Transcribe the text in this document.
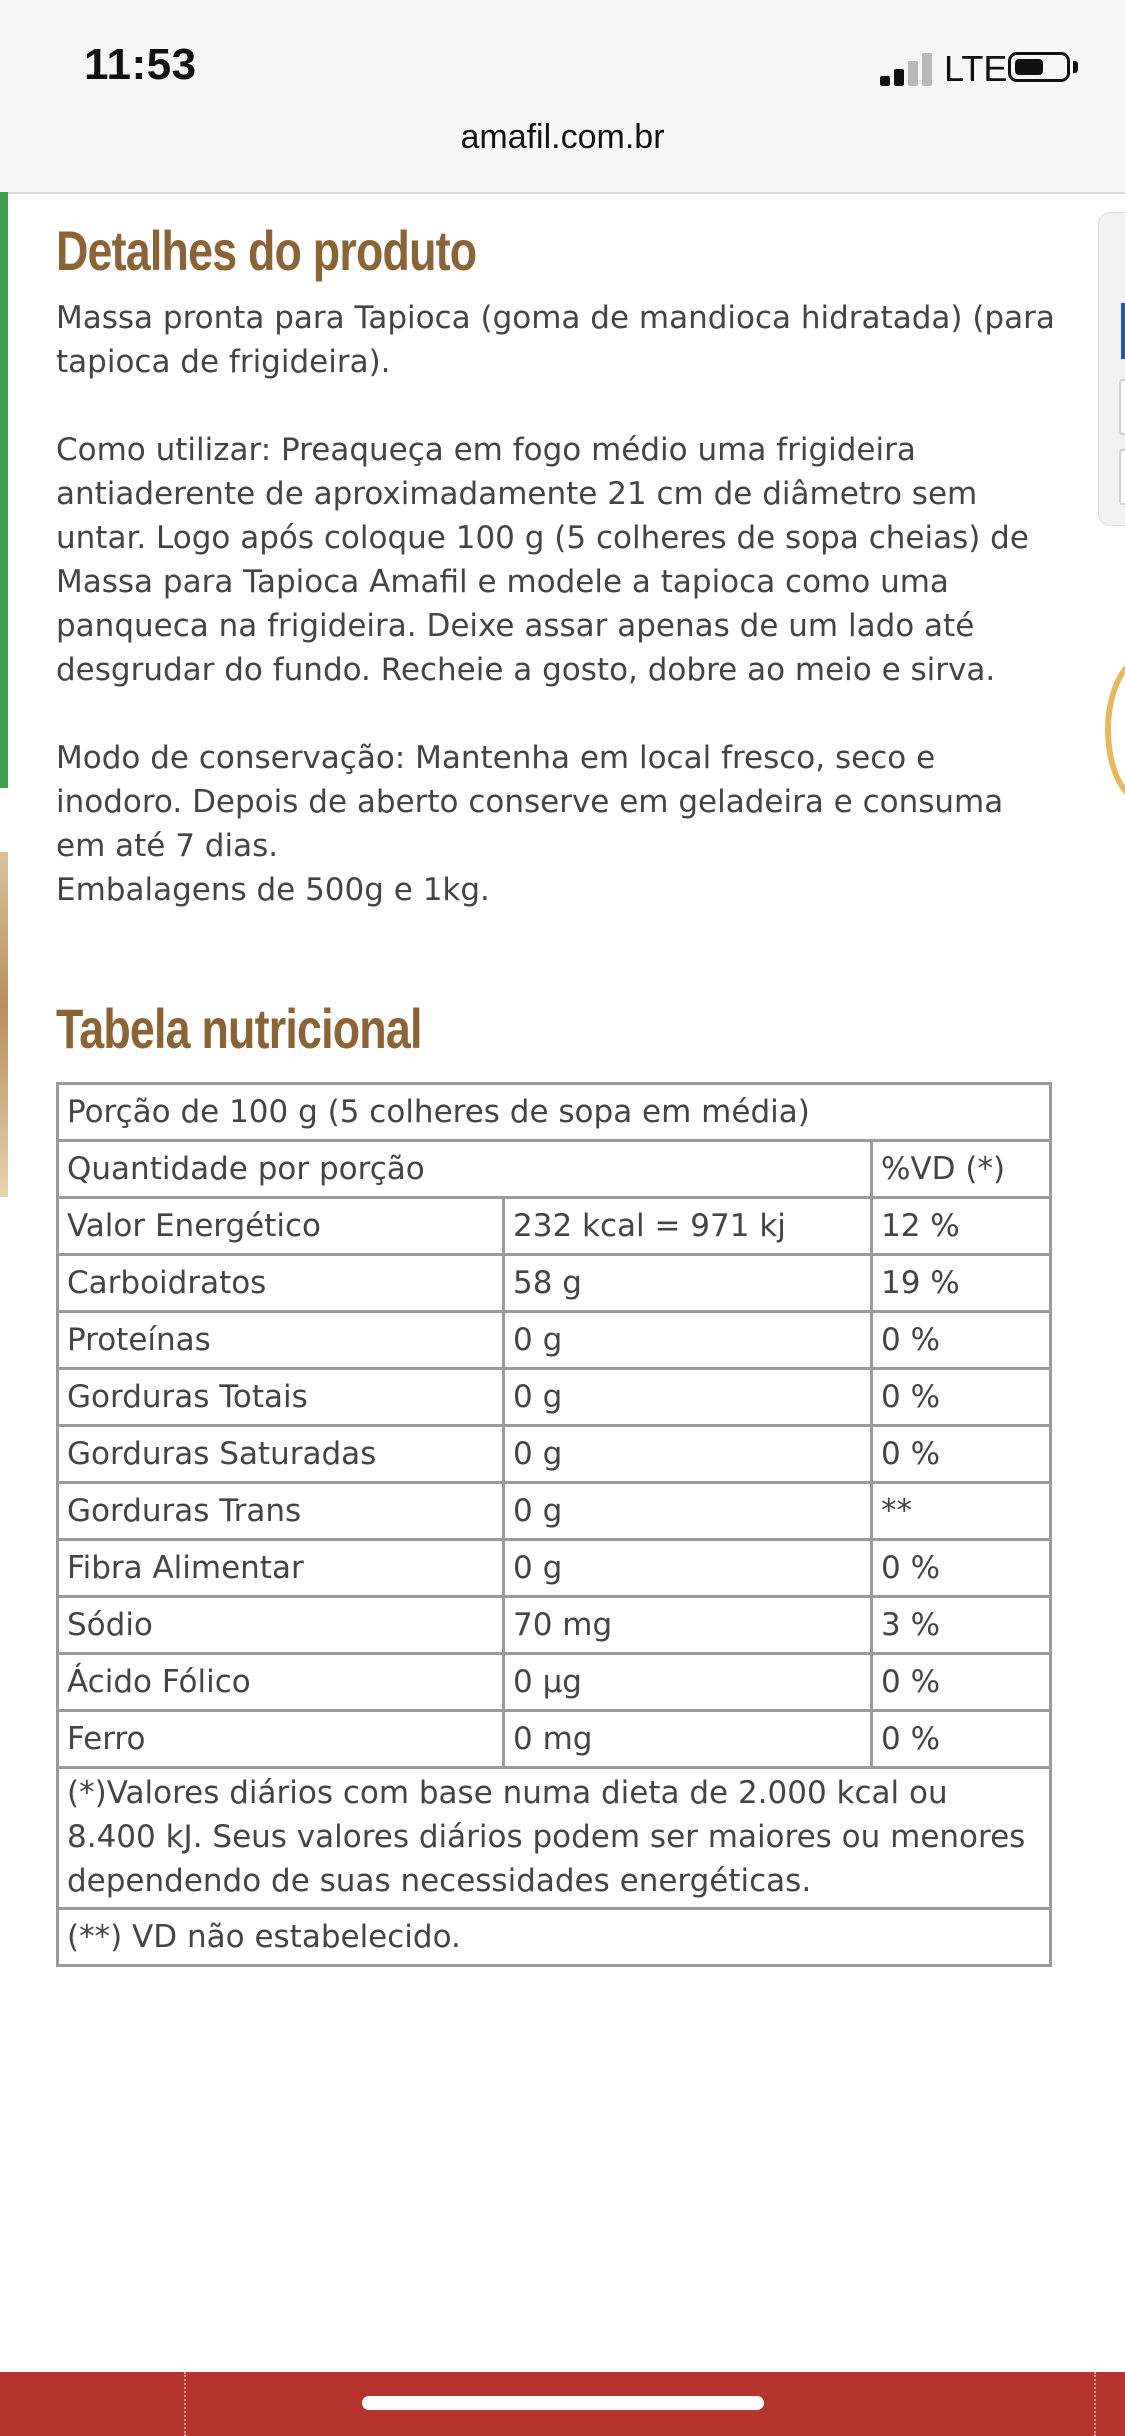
11:53	LTE
amafil.com.br
Detalhes do produto

Massa pronta para Tapioca (goma de mandioca hidratada) (para tapioca de frigideira).

Como utilizar: Preaqueça em fogo médio uma frigideira antiaderente de aproximadamente 21 cm de diâmetro sem untar. Logo após coloque 100 g (5 colheres de sopa cheias) de Massa para Tapioca Amafil e modele a tapioca como uma panqueca na frigideira. Deixe assar apenas de um lado até desgrudar do fundo. Recheie a gosto, dobre ao meio e sirva.

Modo de conservação: Mantenha em local fresco, seco e inodoro. Depois de aberto conserve em geladeira e consuma em até 7 dias.

Embalagens de 500g e 1kg.

Tabela nutricional
Porção de 100 g (5 colheres de sopa em média)		
Quantidade por porção		%VD (*)
Valor Energético	232 kcal = 971 kj	12 %
Carboidratos	58 g	19 %
Proteínas	0 g	0 %
Gorduras Totais	0 g	0 %
Gorduras Saturadas	0 g	0 %
Gorduras Trans	0 g	**
Fibra Alimentar	0 g	0 %
Sódio	70 mg	3 %
Ácido Fólico	0 µg	0 %
Ferro	0 mg	0 %
(*)Valores diários com base numa dieta de 2.000 kcal ou 8.400 kJ. Seus valores diários podem ser maiores ou menores dependendo de suas necessidades energéticas.		
(**) VD não estabelecido.		
